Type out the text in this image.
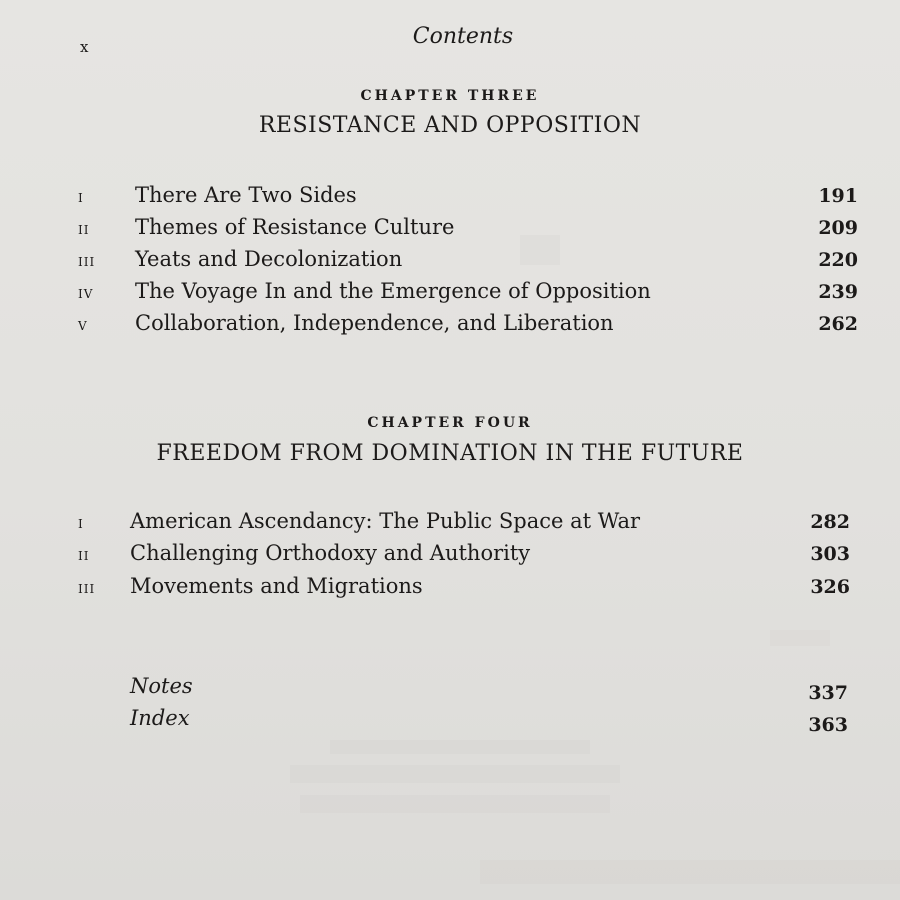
x	Contents
CHAPTER THREE
RESISTANCE AND OPPOSITION
I There Are Two Sides	191
II Themes of Resistance Culture	209
III Yeats and Decolonization	220
IV The Voyage In and the Emergence of Opposition	239
V Collaboration, Independence, and Liberation	262
CHAPTER FOUR
FREEDOM FROM DOMINATION IN THE FUTURE
I American Ascendancy: The Public Space at War	282
II Challenging Orthodoxy and Authority	303
III Movements and Migrations	326
Notes	337
Index	363
